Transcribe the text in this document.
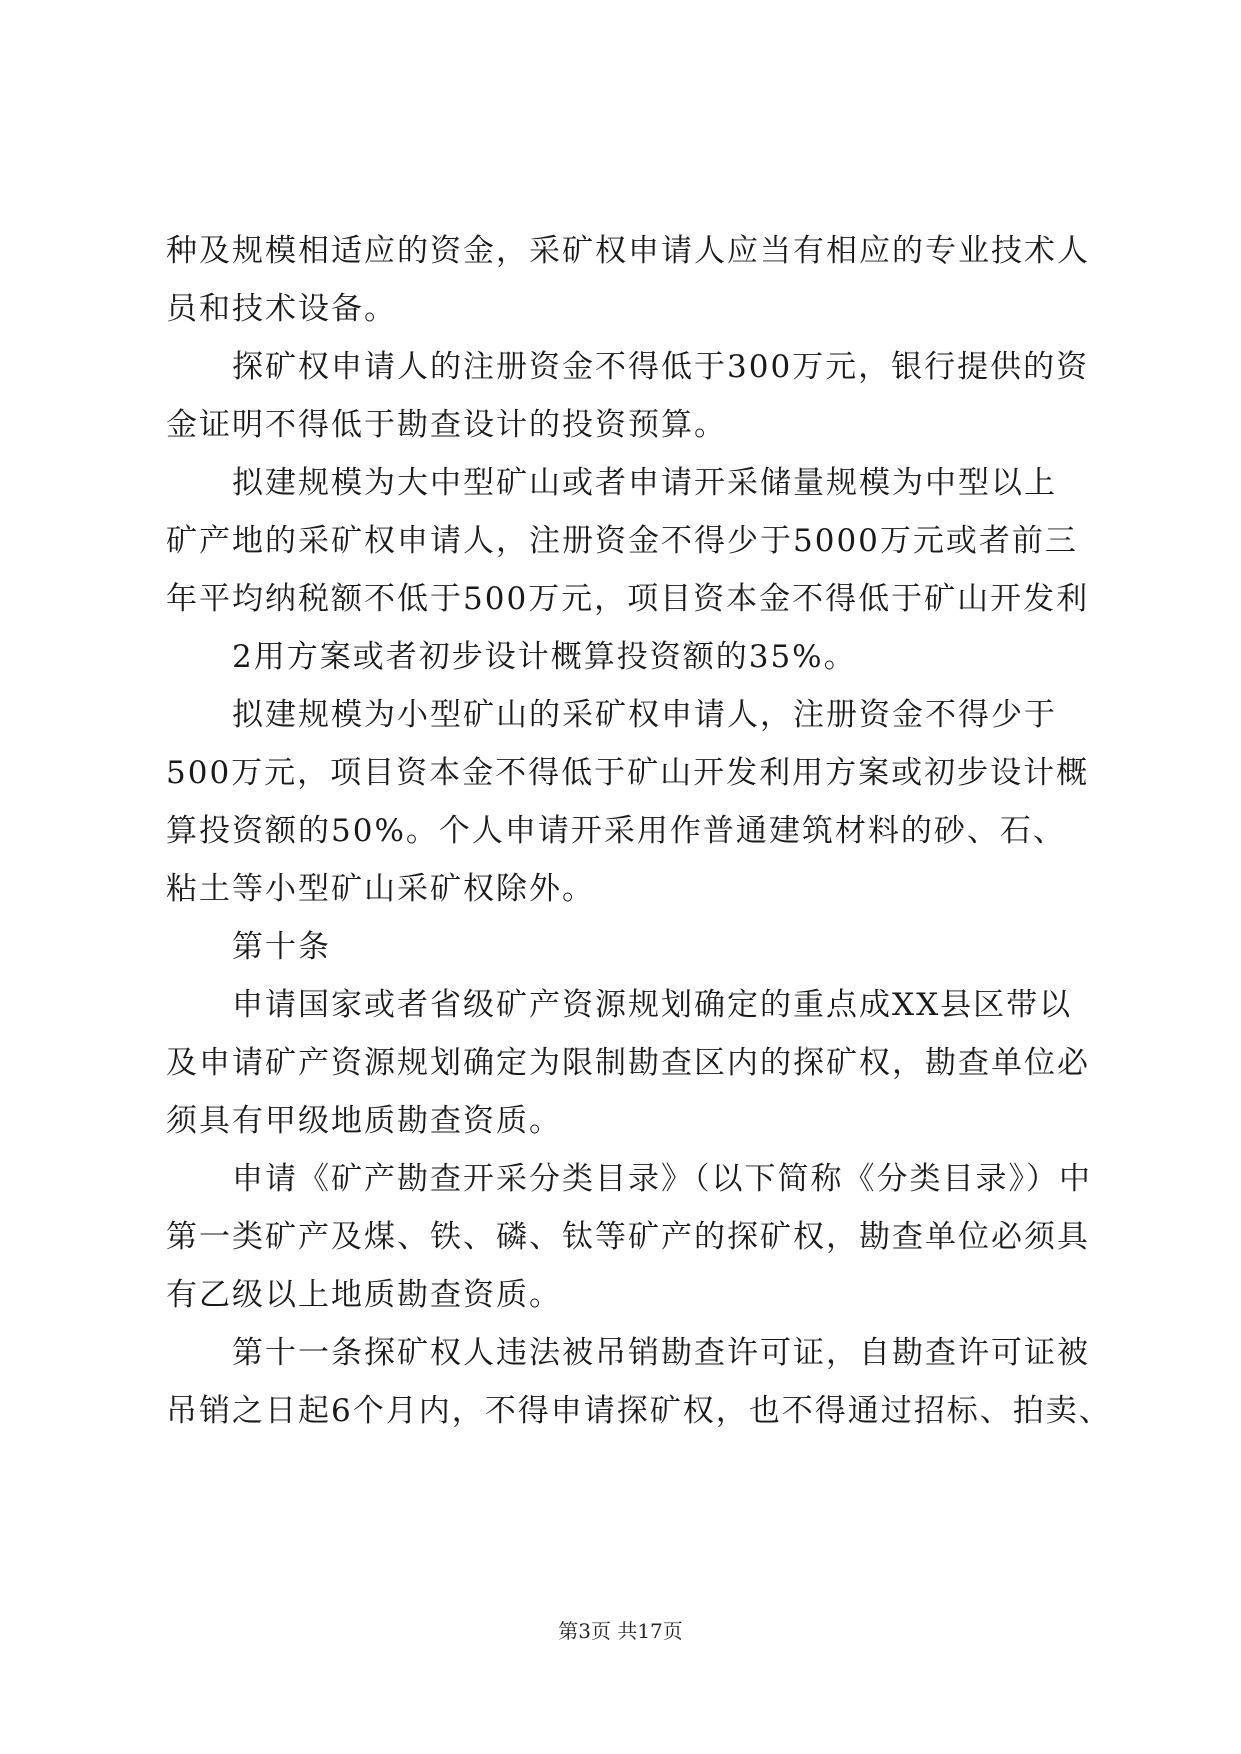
种及规模相适应的资金，采矿权申请人应当有相应的专业技术人
员和技术设备。
探矿权申请人的注册资金不得低于300万元，银行提供的资
金证明不得低于勘查设计的投资预算。
拟建规模为大中型矿山或者申请开采储量规模为中型以上
矿产地的采矿权申请人，注册资金不得少于5000万元或者前三
年平均纳税额不低于500万元，项目资本金不得低于矿山开发利
2用方案或者初步设计概算投资额的35%。
拟建规模为小型矿山的采矿权申请人，注册资金不得少于
500万元，项目资本金不得低于矿山开发利用方案或初步设计概
算投资额的50%。个人申请开采用作普通建筑材料的砂、石、
粘土等小型矿山采矿权除外。
第十条
申请国家或者省级矿产资源规划确定的重点成XX县区带以
及申请矿产资源规划确定为限制勘查区内的探矿权，勘查单位必
须具有甲级地质勘查资质。
申请《矿产勘查开采分类目录》（以下简称《分类目录》）中
第一类矿产及煤、铁、磷、钛等矿产的探矿权，勘查单位必须具
有乙级以上地质勘查资质。
第十一条探矿权人违法被吊销勘查许可证，自勘查许可证被
吊销之日起6个月内，不得申请探矿权，也不得通过招标、拍卖、
第3页 共17页
